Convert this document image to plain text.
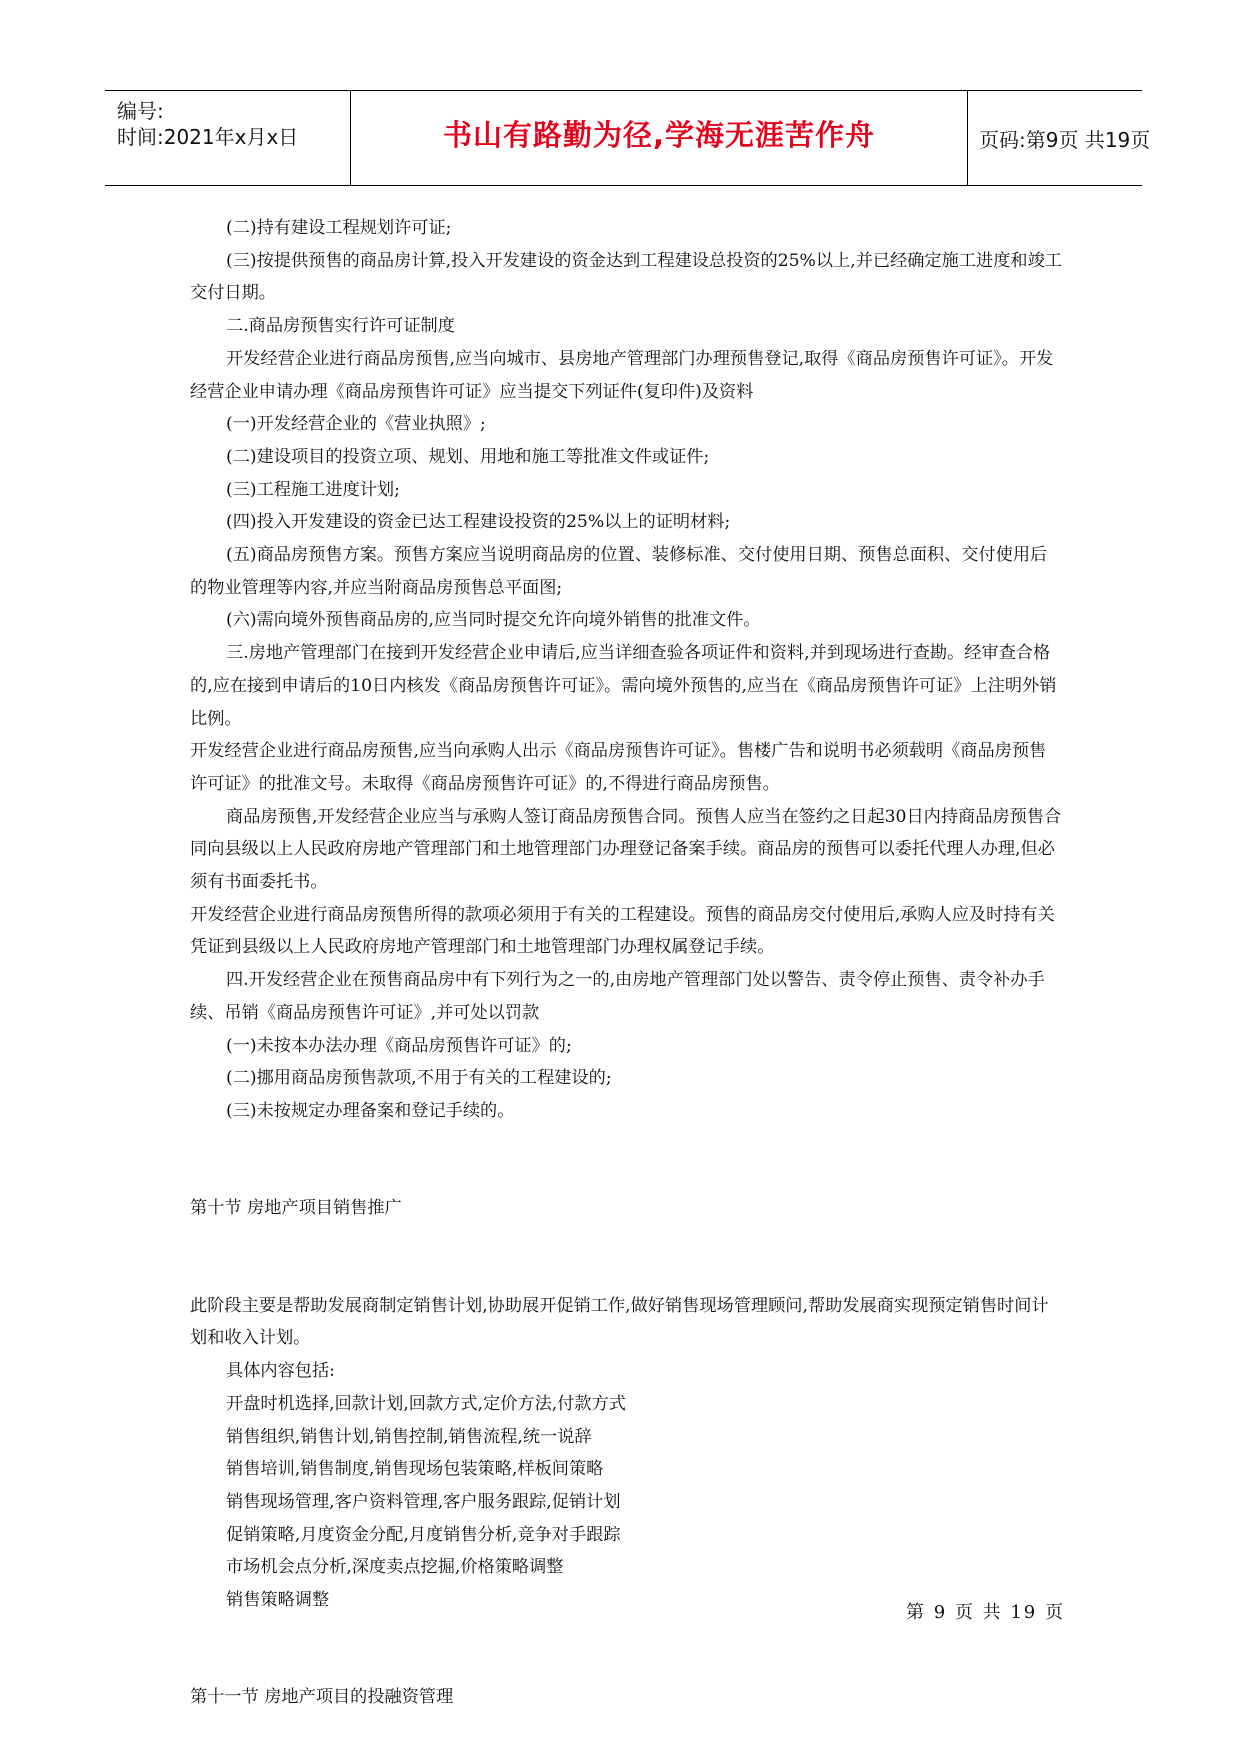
编号:
时间:2021年x月x日	书山有路勤为径,学海无涯苦作舟	页码:第9页 共19页

(二)持有建设工程规划许可证;

(三)按提供预售的商品房计算,投入开发建设的资金达到工程建设总投资的25%以上,并已经确定施工进度和竣工交付日期。

二.商品房预售实行许可证制度

开发经营企业进行商品房预售,应当向城市、县房地产管理部门办理预售登记,取得《商品房预售许可证》。开发经营企业申请办理《商品房预售许可证》应当提交下列证件(复印件)及资料

(一)开发经营企业的《营业执照》;

(二)建设项目的投资立项、规划、用地和施工等批准文件或证件;

(三)工程施工进度计划;

(四)投入开发建设的资金已达工程建设投资的25%以上的证明材料;

(五)商品房预售方案。预售方案应当说明商品房的位置、装修标准、交付使用日期、预售总面积、交付使用后的物业管理等内容,并应当附商品房预售总平面图;

(六)需向境外预售商品房的,应当同时提交允许向境外销售的批准文件。

三.房地产管理部门在接到开发经营企业申请后,应当详细查验各项证件和资料,并到现场进行查勘。经审查合格的,应在接到申请后的10日内核发《商品房预售许可证》。需向境外预售的,应当在《商品房预售许可证》上注明外销比例。

开发经营企业进行商品房预售,应当向承购人出示《商品房预售许可证》。售楼广告和说明书必须载明《商品房预售许可证》的批准文号。未取得《商品房预售许可证》的,不得进行商品房预售。

商品房预售,开发经营企业应当与承购人签订商品房预售合同。预售人应当在签约之日起30日内持商品房预售合同向县级以上人民政府房地产管理部门和土地管理部门办理登记备案手续。商品房的预售可以委托代理人办理,但必须有书面委托书。

开发经营企业进行商品房预售所得的款项必须用于有关的工程建设。预售的商品房交付使用后,承购人应及时持有关凭证到县级以上人民政府房地产管理部门和土地管理部门办理权属登记手续。

四.开发经营企业在预售商品房中有下列行为之一的,由房地产管理部门处以警告、责令停止预售、责令补办手续、吊销《商品房预售许可证》,并可处以罚款

(一)未按本办法办理《商品房预售许可证》的;

(二)挪用商品房预售款项,不用于有关的工程建设的;

(三)未按规定办理备案和登记手续的。

第十节 房地产项目销售推广

此阶段主要是帮助发展商制定销售计划,协助展开促销工作,做好销售现场管理顾问,帮助发展商实现预定销售时间计划和收入计划。

具体内容包括:

开盘时机选择,回款计划,回款方式,定价方法,付款方式

销售组织,销售计划,销售控制,销售流程,统一说辞

销售培训,销售制度,销售现场包装策略,样板间策略

销售现场管理,客户资料管理,客户服务跟踪,促销计划

促销策略,月度资金分配,月度销售分析,竞争对手跟踪

市场机会点分析,深度卖点挖掘,价格策略调整

销售策略调整

第十一节 房地产项目的投融资管理

第 9 页 共 19 页
